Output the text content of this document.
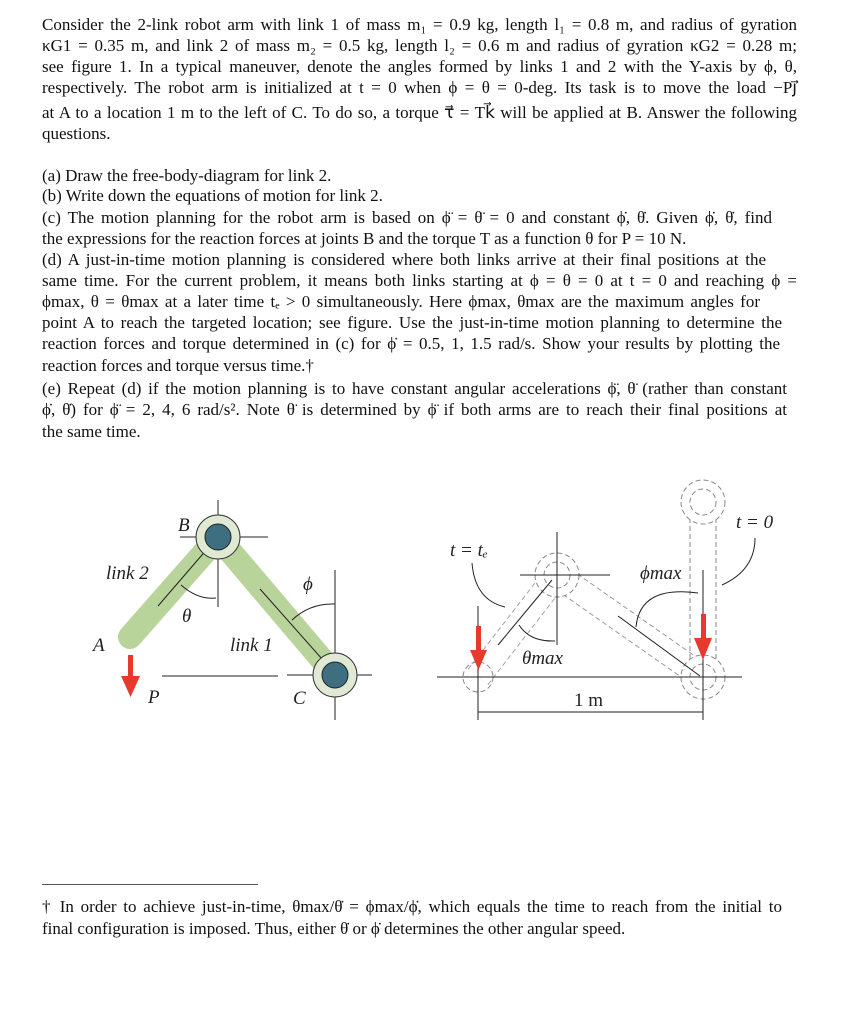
Consider the 2-link robot arm with link 1 of mass m₁ = 0.9 kg, length l₁ = 0.8 m, and radius of gyration
κG1 = 0.35 m, and link 2 of mass m₂ = 0.5 kg, length l₂ = 0.6 m and radius of gyration κG2 = 0.28 m;
see figure 1. In a typical maneuver, denote the angles formed by links 1 and 2 with the Y-axis by ϕ, θ,
respectively. The robot arm is initialized at t = 0 when ϕ = θ = 0-deg. Its task is to move the load −Pj⃗
at A to a location 1 m to the left of C. To do so, a torque τ⃗ = Tk⃗ will be applied at B. Answer the following
questions.
(a) Draw the free-body-diagram for link 2.
(b) Write down the equations of motion for link 2.
(c) The motion planning for the robot arm is based on ϕ̈ = θ̈ = 0 and constant ϕ̇, θ̇. Given ϕ̇, θ̇, find
the expressions for the reaction forces at joints B and the torque T as a function θ for P = 10 N.
(d) A just-in-time motion planning is considered where both links arrive at their final positions at the
same time. For the current problem, it means both links starting at ϕ = θ = 0 at t = 0 and reaching ϕ =
ϕmax, θ = θmax at a later time tₑ > 0 simultaneously. Here ϕmax, θmax are the maximum angles for
point A to reach the targeted location; see figure. Use the just-in-time motion planning to determine the
reaction forces and torque determined in (c) for ϕ̇ = 0.5, 1, 1.5 rad/s. Show your results by plotting the
reaction forces and torque versus time.†
(e) Repeat (d) if the motion planning is to have constant angular accelerations ϕ̈, θ̈ (rather than constant
ϕ̇, θ̇) for ϕ̈ = 2, 4, 6 rad/s². Note θ̈ is determined by ϕ̈ if both arms are to reach their final positions at
the same time.
B
link 2
A
θ
ϕ
link 1
P	C
t = tₑ
t = 0
ϕmax
θmax
1 m
† In order to achieve just-in-time, θmax/θ̇ = ϕmax/ϕ̇, which equals the time to reach from the initial to
final configuration is imposed. Thus, either θ̇ or ϕ̇ determines the other angular speed.
